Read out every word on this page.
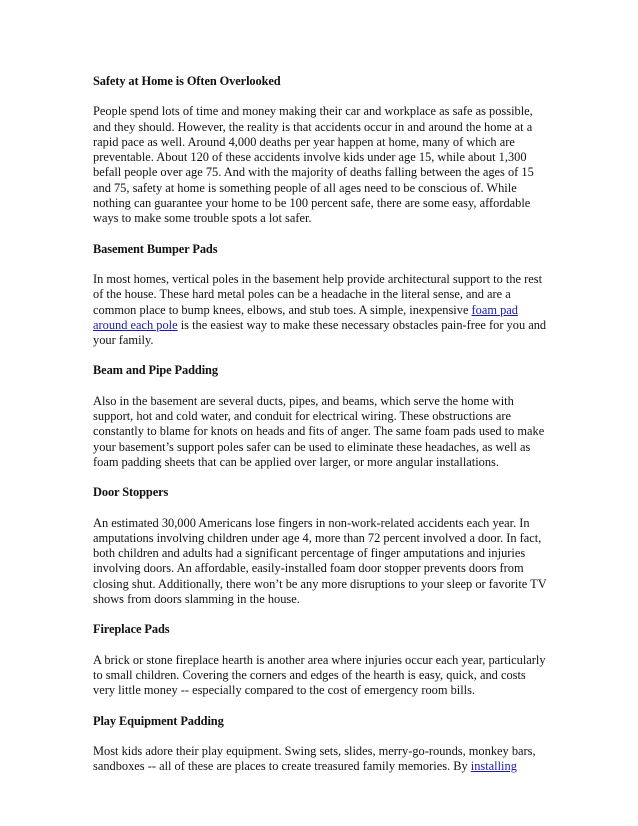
Safety at Home is Often Overlooked
People spend lots of time and money making their car and workplace as safe as possible, and they should. However, the reality is that accidents occur in and around the home at a rapid pace as well. Around 4,000 deaths per year happen at home, many of which are preventable. About 120 of these accidents involve kids under age 15, while about 1,300 befall people over age 75. And with the majority of deaths falling between the ages of 15 and 75, safety at home is something people of all ages need to be conscious of. While nothing can guarantee your home to be 100 percent safe, there are some easy, affordable ways to make some trouble spots a lot safer.
Basement Bumper Pads
In most homes, vertical poles in the basement help provide architectural support to the rest of the house. These hard metal poles can be a headache in the literal sense, and are a common place to bump knees, elbows, and stub toes. A simple, inexpensive foam pad around each pole is the easiest way to make these necessary obstacles pain-free for you and your family.
Beam and Pipe Padding
Also in the basement are several ducts, pipes, and beams, which serve the home with support, hot and cold water, and conduit for electrical wiring. These obstructions are constantly to blame for knots on heads and fits of anger. The same foam pads used to make your basement’s support poles safer can be used to eliminate these headaches, as well as foam padding sheets that can be applied over larger, or more angular installations.
Door Stoppers
An estimated 30,000 Americans lose fingers in non-work-related accidents each year. In amputations involving children under age 4, more than 72 percent involved a door. In fact, both children and adults had a significant percentage of finger amputations and injuries involving doors. An affordable, easily-installed foam door stopper prevents doors from closing shut. Additionally, there won’t be any more disruptions to your sleep or favorite TV shows from doors slamming in the house.
Fireplace Pads
A brick or stone fireplace hearth is another area where injuries occur each year, particularly to small children. Covering the corners and edges of the hearth is easy, quick, and costs very little money -- especially compared to the cost of emergency room bills.
Play Equipment Padding
Most kids adore their play equipment. Swing sets, slides, merry-go-rounds, monkey bars, sandboxes -- all of these are places to create treasured family memories. By installing
